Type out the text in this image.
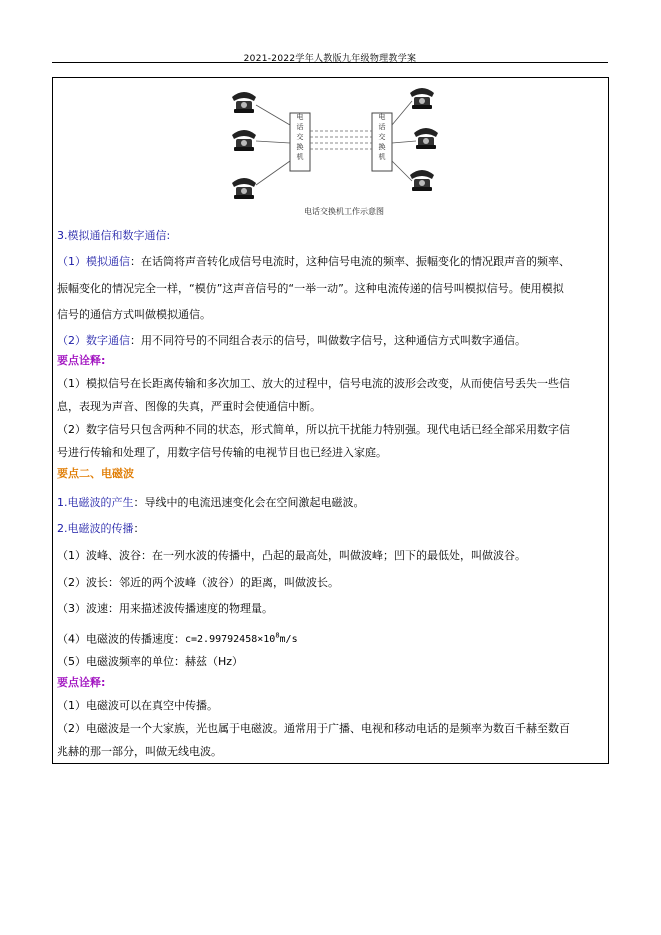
2021-2022学年人教版九年级物理教学案
电话交换机
电话交换机
电话交换机工作示意图
3.模拟通信和数字通信:
（1）模拟通信：在话筒将声音转化成信号电流时，这种信号电流的频率、振幅变化的情况跟声音的频率、
振幅变化的情况完全一样，“模仿”这声音信号的“一举一动”。这种电流传递的信号叫模拟信号。使用模拟
信号的通信方式叫做模拟通信。
（2）数字通信：用不同符号的不同组合表示的信号，叫做数字信号，这种通信方式叫数字通信。
要点诠释:
（1）模拟信号在长距离传输和多次加工、放大的过程中，信号电流的波形会改变，从而使信号丢失一些信
息，表现为声音、图像的失真，严重时会使通信中断。
（2）数字信号只包含两种不同的状态，形式简单，所以抗干扰能力特别强。现代电话已经全部采用数字信
号进行传输和处理了，用数字信号传输的电视节目也已经进入家庭。
要点二、电磁波
1.电磁波的产生：导线中的电流迅速变化会在空间激起电磁波。
2.电磁波的传播：
（1）波峰、波谷：在一列水波的传播中，凸起的最高处，叫做波峰；凹下的最低处，叫做波谷。
（2）波长：邻近的两个波峰（波谷）的距离，叫做波长。
（3）波速：用来描述波传播速度的物理量。
（4）电磁波的传播速度：$c=2.99792458\times 10^8m/s$
（5）电磁波频率的单位：赫兹（Hz）
要点诠释:
（1）电磁波可以在真空中传播。
（2）电磁波是一个大家族，光也属于电磁波。通常用于广播、电视和移动电话的是频率为数百千赫至数百
兆赫的那一部分，叫做无线电波。
